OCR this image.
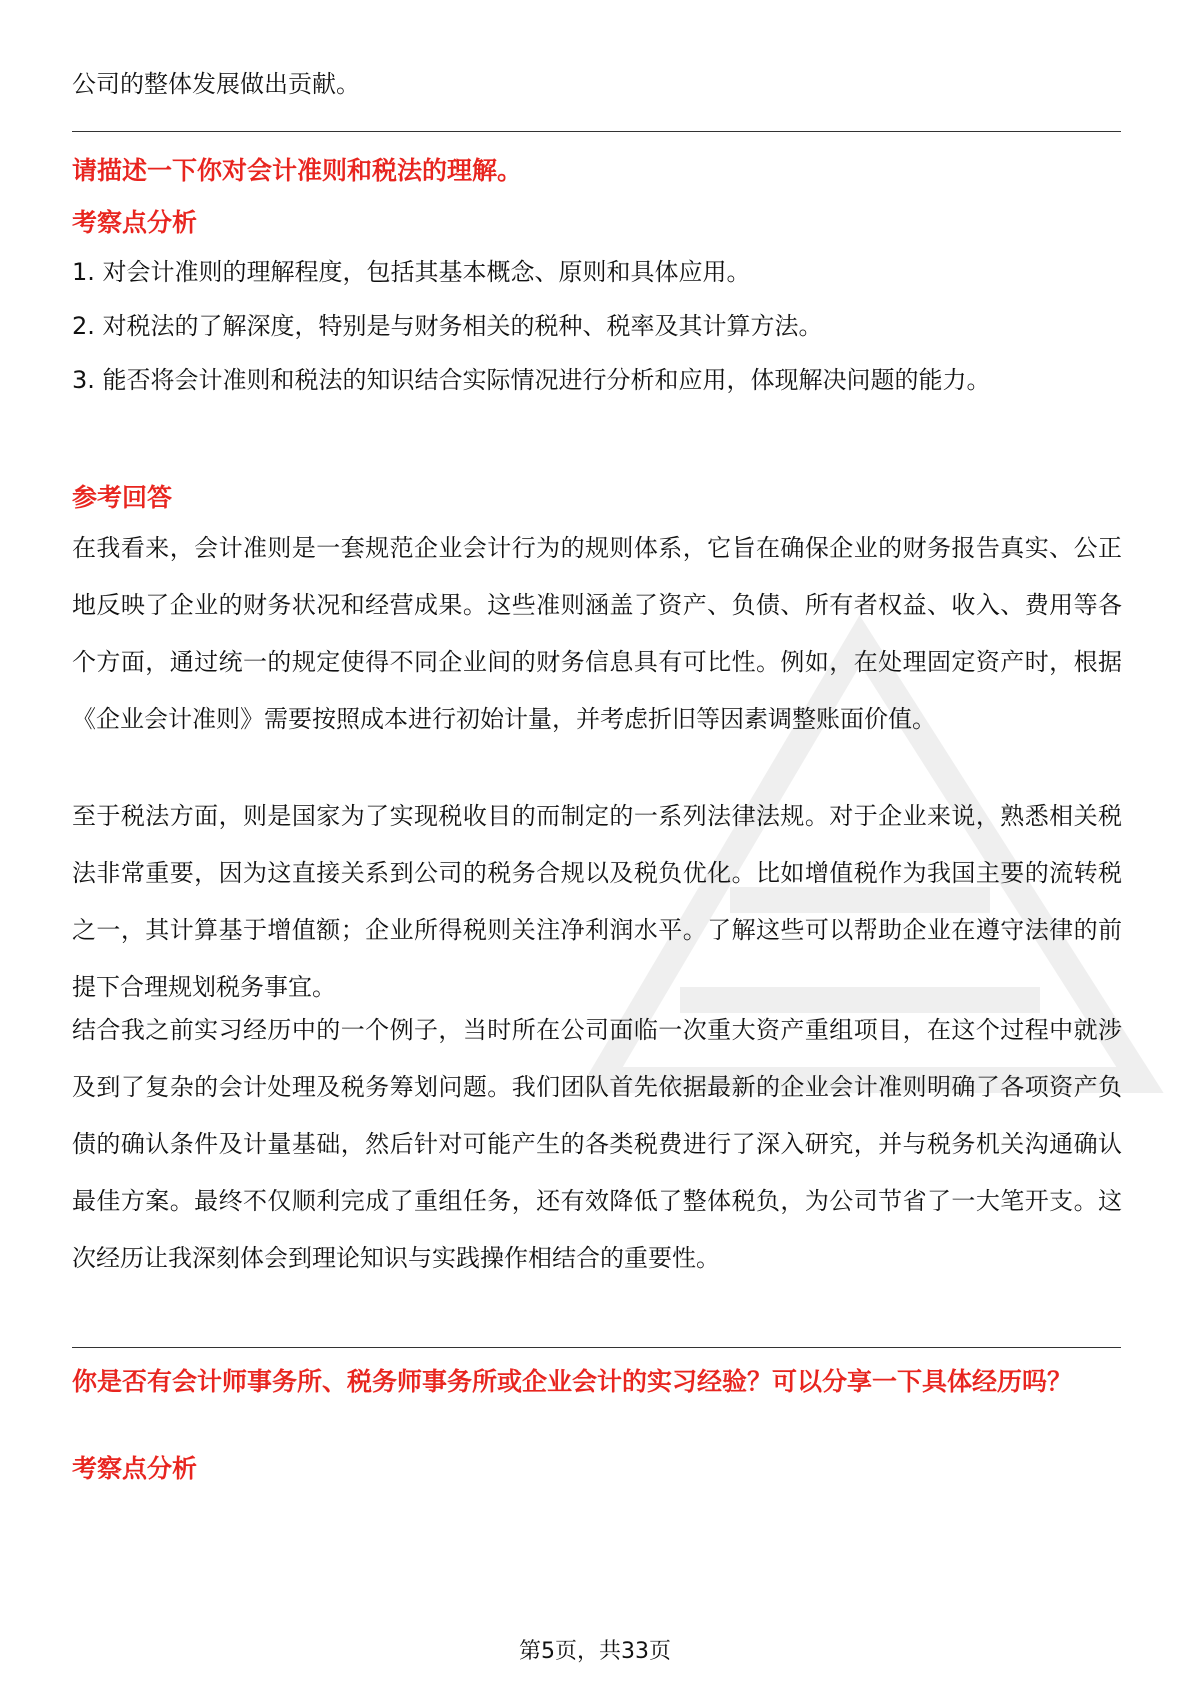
公司的整体发展做出贡献。
请描述一下你对会计准则和税法的理解。
考察点分析
1. 对会计准则的理解程度，包括其基本概念、原则和具体应用。
2. 对税法的了解深度，特别是与财务相关的税种、税率及其计算方法。
3. 能否将会计准则和税法的知识结合实际情况进行分析和应用，体现解决问题的能力。
参考回答
在我看来，会计准则是一套规范企业会计行为的规则体系，它旨在确保企业的财务报告真实、公正地反映了企业的财务状况和经营成果。这些准则涵盖了资产、负债、所有者权益、收入、费用等各个方面，通过统一的规定使得不同企业间的财务信息具有可比性。例如，在处理固定资产时，根据《企业会计准则》需要按照成本进行初始计量，并考虑折旧等因素调整账面价值。
至于税法方面，则是国家为了实现税收目的而制定的一系列法律法规。对于企业来说，熟悉相关税法非常重要，因为这直接关系到公司的税务合规以及税负优化。比如增值税作为我国主要的流转税之一，其计算基于增值额；企业所得税则关注净利润水平。了解这些可以帮助企业在遵守法律的前提下合理规划税务事宜。
结合我之前实习经历中的一个例子，当时所在公司面临一次重大资产重组项目，在这个过程中就涉及到了复杂的会计处理及税务筹划问题。我们团队首先依据最新的企业会计准则明确了各项资产负债的确认条件及计量基础，然后针对可能产生的各类税费进行了深入研究，并与税务机关沟通确认最佳方案。最终不仅顺利完成了重组任务，还有效降低了整体税负，为公司节省了一大笔开支。这次经历让我深刻体会到理论知识与实践操作相结合的重要性。
你是否有会计师事务所、税务师事务所或企业会计的实习经验？可以分享一下具体经历吗？
考察点分析
第5页，共33页
